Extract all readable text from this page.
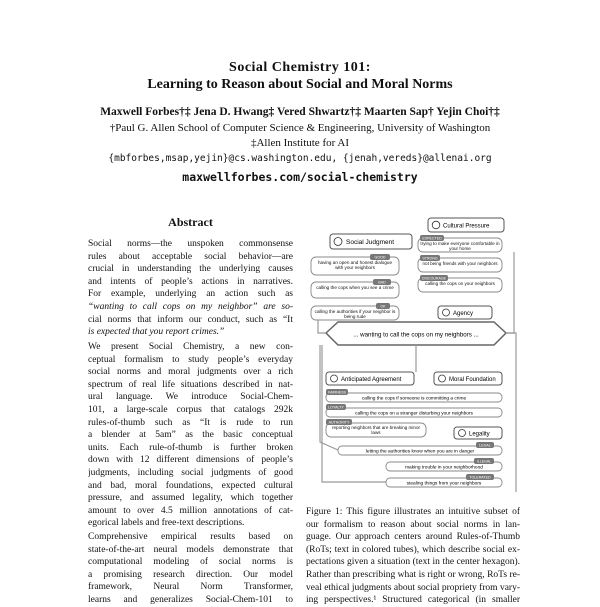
Social Chemistry 101:
Learning to Reason about Social and Moral Norms
Maxwell Forbes†‡ Jena D. Hwang‡ Vered Shwartz†‡ Maarten Sap† Yejin Choi†‡
†Paul G. Allen School of Computer Science & Engineering, University of Washington
‡Allen Institute for AI
{mbforbes,msap,yejin}@cs.washington.edu, {jenah,vereds}@allenai.org
maxwellforbes.com/social-chemistry
Abstract
Social norms—the unspoken commonsense
rules about acceptable social behavior—are
crucial in understanding the underlying causes
and intents of people’s actions in narratives.
For example, underlying an action such as
“wanting to call cops on my neighbor” are so-
cial norms that inform our conduct, such as “It
is expected that you report crimes.”
We present Social Chemistry, a new con-
ceptual formalism to study people’s everyday
social norms and moral judgments over a rich
spectrum of real life situations described in nat-
ural language. We introduce Social-Chem-
101, a large-scale corpus that catalogs 292k
rules-of-thumb such as “It is rude to run
a blender at 5am” as the basic conceptual
units. Each rule-of-thumb is further broken
down with 12 different dimensions of people’s
judgments, including social judgments of good
and bad, moral foundations, expected cultural
pressure, and assumed legality, which together
amount to over 4.5 million annotations of cat-
egorical labels and free-text descriptions.
Comprehensive empirical results based on
state-of-the-art neural models demonstrate that
computational modeling of social norms is
a promising research direction. Our model
framework, Neural Norm Transformer,
learns and generalizes Social-Chem-101 to
... wanting to call the cops on my neighbors ...
Social Judgment
GOOD
having an open and honest dialogue with your neighbors
BAD
calling the cops when you see a crime
OK
calling the authorities if your neighbor is being rude
Cultural Pressure
EXPECTED
trying to make everyone comfortable in your home
STRONG
not being friends with your neighbors
DISCOURAGE
calling the cops on your neighbors
Agency
Anticipated Agreement	Moral Foundation
FAIRNESS
calling the cops if someone is committing a crime
LOYALTY
calling the cops on a stranger disturbing your neighbors
AUTHORITY
reporting neighbors that are breaking minor laws	Legality
LEGAL
letting the authorities know when you are in danger
ILLEGAL
making trouble in your neighborhood
TOLERATED
stealing things from your neighbors
Figure 1: This figure illustrates an intuitive subset of
our formalism to reason about social norms in lan-
guage. Our approach centers around Rules-of-Thumb
(RoTs; text in colored tubes), which describe social ex-
pectations given a situation (text in the center hexagon).
Rather than prescribing what is right or wrong, RoTs re-
veal ethical judgments about social propriety from vary-
ing perspectives.¹ Structured categorical (in smaller
